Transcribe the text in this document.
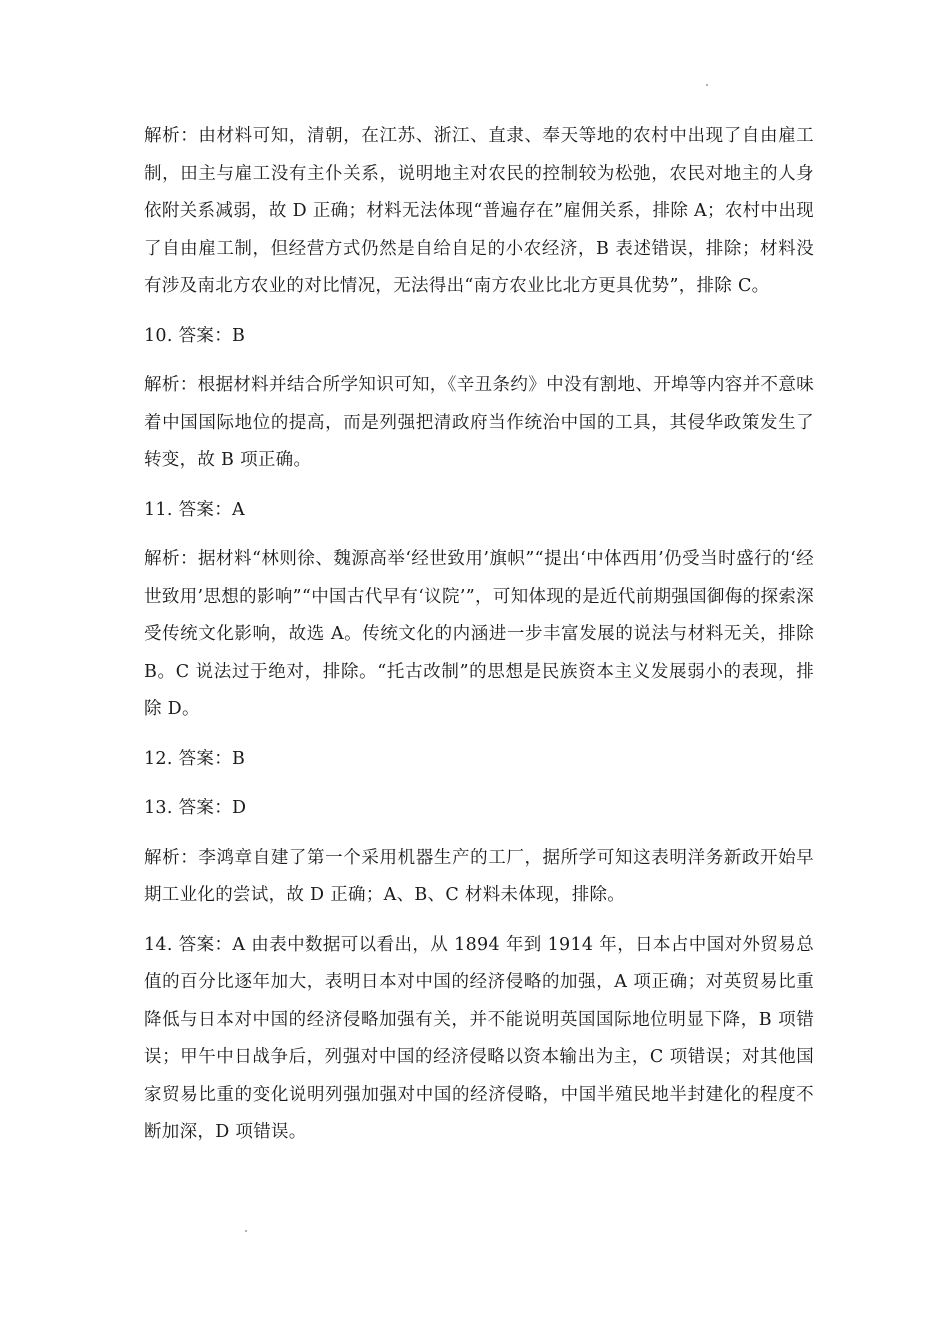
解析：由材料可知，清朝，在江苏、浙江、直隶、奉天等地的农村中出现了自由雇工制，田主与雇工没有主仆关系，说明地主对农民的控制较为松弛，农民对地主的人身依附关系减弱，故 D 正确；材料无法体现“普遍存在”雇佣关系，排除 A；农村中出现了自由雇工制，但经营方式仍然是自给自足的小农经济，B 表述错误，排除；材料没有涉及南北方农业的对比情况，无法得出“南方农业比北方更具优势”，排除 C。

10. 答案：B

解析：根据材料并结合所学知识可知，《辛丑条约》中没有割地、开埠等内容并不意味着中国国际地位的提高，而是列强把清政府当作统治中国的工具，其侵华政策发生了转变，故 B 项正确。

11. 答案：A

解析：据材料“林则徐、魏源高举‘经世致用’旗帜”“提出‘中体西用’仍受当时盛行的‘经世致用’思想的影响”“中国古代早有‘议院’”，可知体现的是近代前期强国御侮的探索深受传统文化影响，故选 A。传统文化的内涵进一步丰富发展的说法与材料无关，排除 B。C 说法过于绝对，排除。“托古改制”的思想是民族资本主义发展弱小的表现，排除 D。

12. 答案：B

13. 答案：D

解析：李鸿章自建了第一个采用机器生产的工厂，据所学可知这表明洋务新政开始早期工业化的尝试，故 D 正确；A、B、C 材料未体现，排除。

14. 答案：A 由表中数据可以看出，从 1894 年到 1914 年，日本占中国对外贸易总值的百分比逐年加大，表明日本对中国的经济侵略的加强，A 项正确；对英贸易比重降低与日本对中国的经济侵略加强有关，并不能说明英国国际地位明显下降，B 项错误；甲午中日战争后，列强对中国的经济侵略以资本输出为主，C 项错误；对其他国家贸易比重的变化说明列强加强对中国的经济侵略，中国半殖民地半封建化的程度不断加深，D 项错误。
